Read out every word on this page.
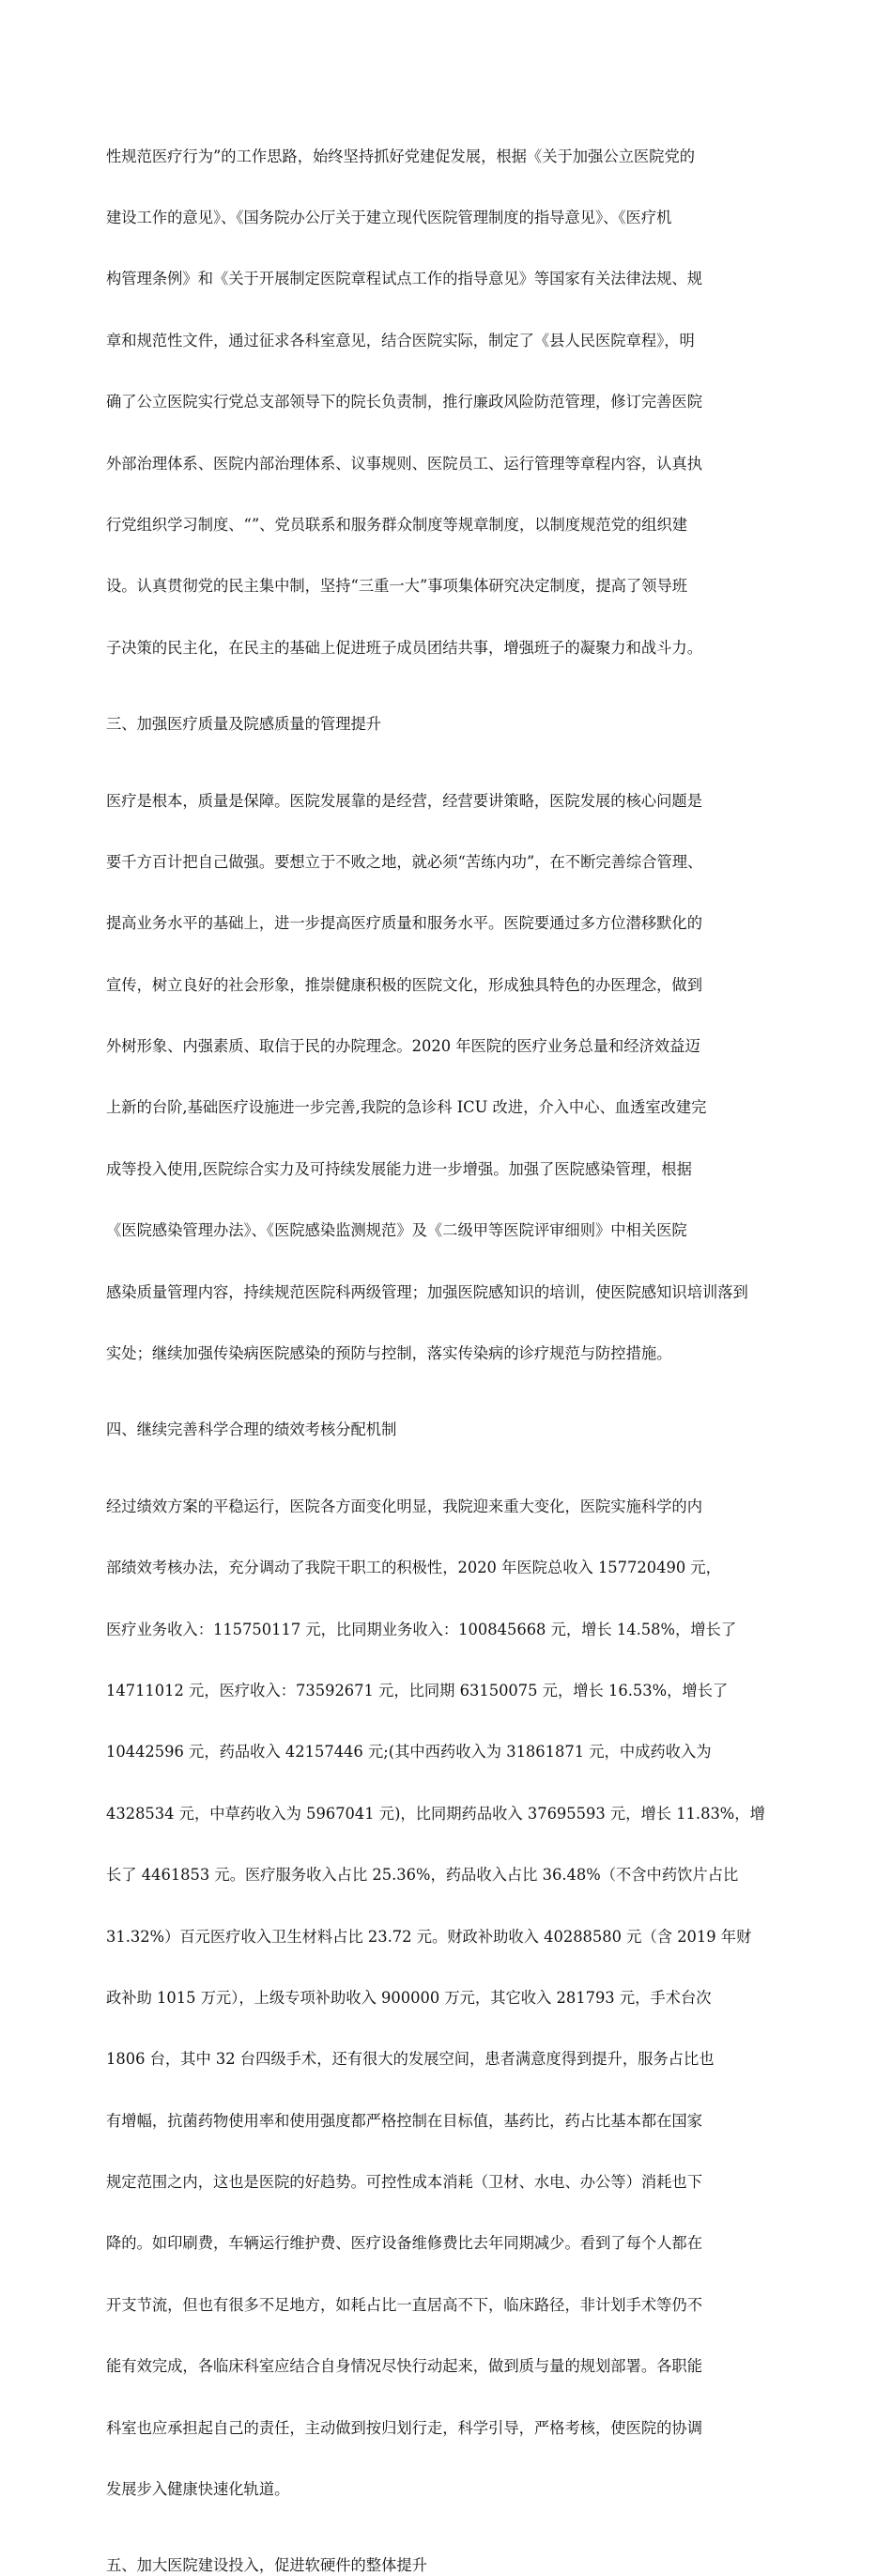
性规范医疗行为”的工作思路，始终坚持抓好党建促发展，根据《关于加强公立医院党的

建设工作的意见》、《国务院办公厅关于建立现代医院管理制度的指导意见》、《医疗机

构管理条例》和《关于开展制定医院章程试点工作的指导意见》等国家有关法律法规、规

章和规范性文件，通过征求各科室意见，结合医院实际，制定了《县人民医院章程》，明

确了公立医院实行党总支部领导下的院长负责制，推行廉政风险防范管理，修订完善医院

外部治理体系、医院内部治理体系、议事规则、医院员工、运行管理等章程内容，认真执

行党组织学习制度、“”、党员联系和服务群众制度等规章制度，以制度规范党的组织建

设。认真贯彻党的民主集中制，坚持“三重一大”事项集体研究决定制度，提高了领导班

子决策的民主化，在民主的基础上促进班子成员团结共事，增强班子的凝聚力和战斗力。

三、加强医疗质量及院感质量的管理提升

医疗是根本，质量是保障。医院发展靠的是经营，经营要讲策略，医院发展的核心问题是

要千方百计把自己做强。要想立于不败之地，就必须“苦练内功”，在不断完善综合管理、

提高业务水平的基础上，进一步提高医疗质量和服务水平。医院要通过多方位潜移默化的

宣传，树立良好的社会形象，推崇健康积极的医院文化，形成独具特色的办医理念，做到

外树形象、内强素质、取信于民的办院理念。2020 年医院的医疗业务总量和经济效益迈

上新的台阶,基础医疗设施进一步完善,我院的急诊科 ICU 改进，介入中心、血透室改建完

成等投入使用,医院综合实力及可持续发展能力进一步增强。加强了医院感染管理，根据

《医院感染管理办法》、《医院感染监测规范》及《二级甲等医院评审细则》中相关医院

感染质量管理内容，持续规范医院科两级管理；加强医院感知识的培训，使医院感知识培训落到

实处；继续加强传染病医院感染的预防与控制，落实传染病的诊疗规范与防控措施。

四、继续完善科学合理的绩效考核分配机制

经过绩效方案的平稳运行，医院各方面变化明显，我院迎来重大变化，医院实施科学的内

部绩效考核办法，充分调动了我院干职工的积极性，2020 年医院总收入 157720490 元，

医疗业务收入：115750117 元，比同期业务收入：100845668 元，增长 14.58%，增长了

14711012 元，医疗收入：73592671 元，比同期 63150075 元，增长 16.53%，增长了

10442596 元，药品收入 42157446 元;(其中西药收入为 31861871 元，中成药收入为

4328534 元，中草药收入为 5967041 元)，比同期药品收入 37695593 元，增长 11.83%，增

长了 4461853 元。医疗服务收入占比 25.36%，药品收入占比 36.48%（不含中药饮片占比

31.32%）百元医疗收入卫生材料占比 23.72 元。财政补助收入 40288580 元（含 2019 年财

政补助 1015 万元），上级专项补助收入 900000 万元，其它收入 281793 元，手术台次

1806 台，其中 32 台四级手术，还有很大的发展空间，患者满意度得到提升，服务占比也

有增幅，抗菌药物使用率和使用强度都严格控制在目标值，基药比，药占比基本都在国家

规定范围之内，这也是医院的好趋势。可控性成本消耗（卫材、水电、办公等）消耗也下

降的。如印刷费，车辆运行维护费、医疗设备维修费比去年同期减少。看到了每个人都在

开支节流，但也有很多不足地方，如耗占比一直居高不下，临床路径，非计划手术等仍不

能有效完成，各临床科室应结合自身情况尽快行动起来，做到质与量的规划部署。各职能

科室也应承担起自己的责任，主动做到按归划行走，科学引导，严格考核，使医院的协调

发展步入健康快速化轨道。

五、加大医院建设投入，促进软硬件的整体提升
